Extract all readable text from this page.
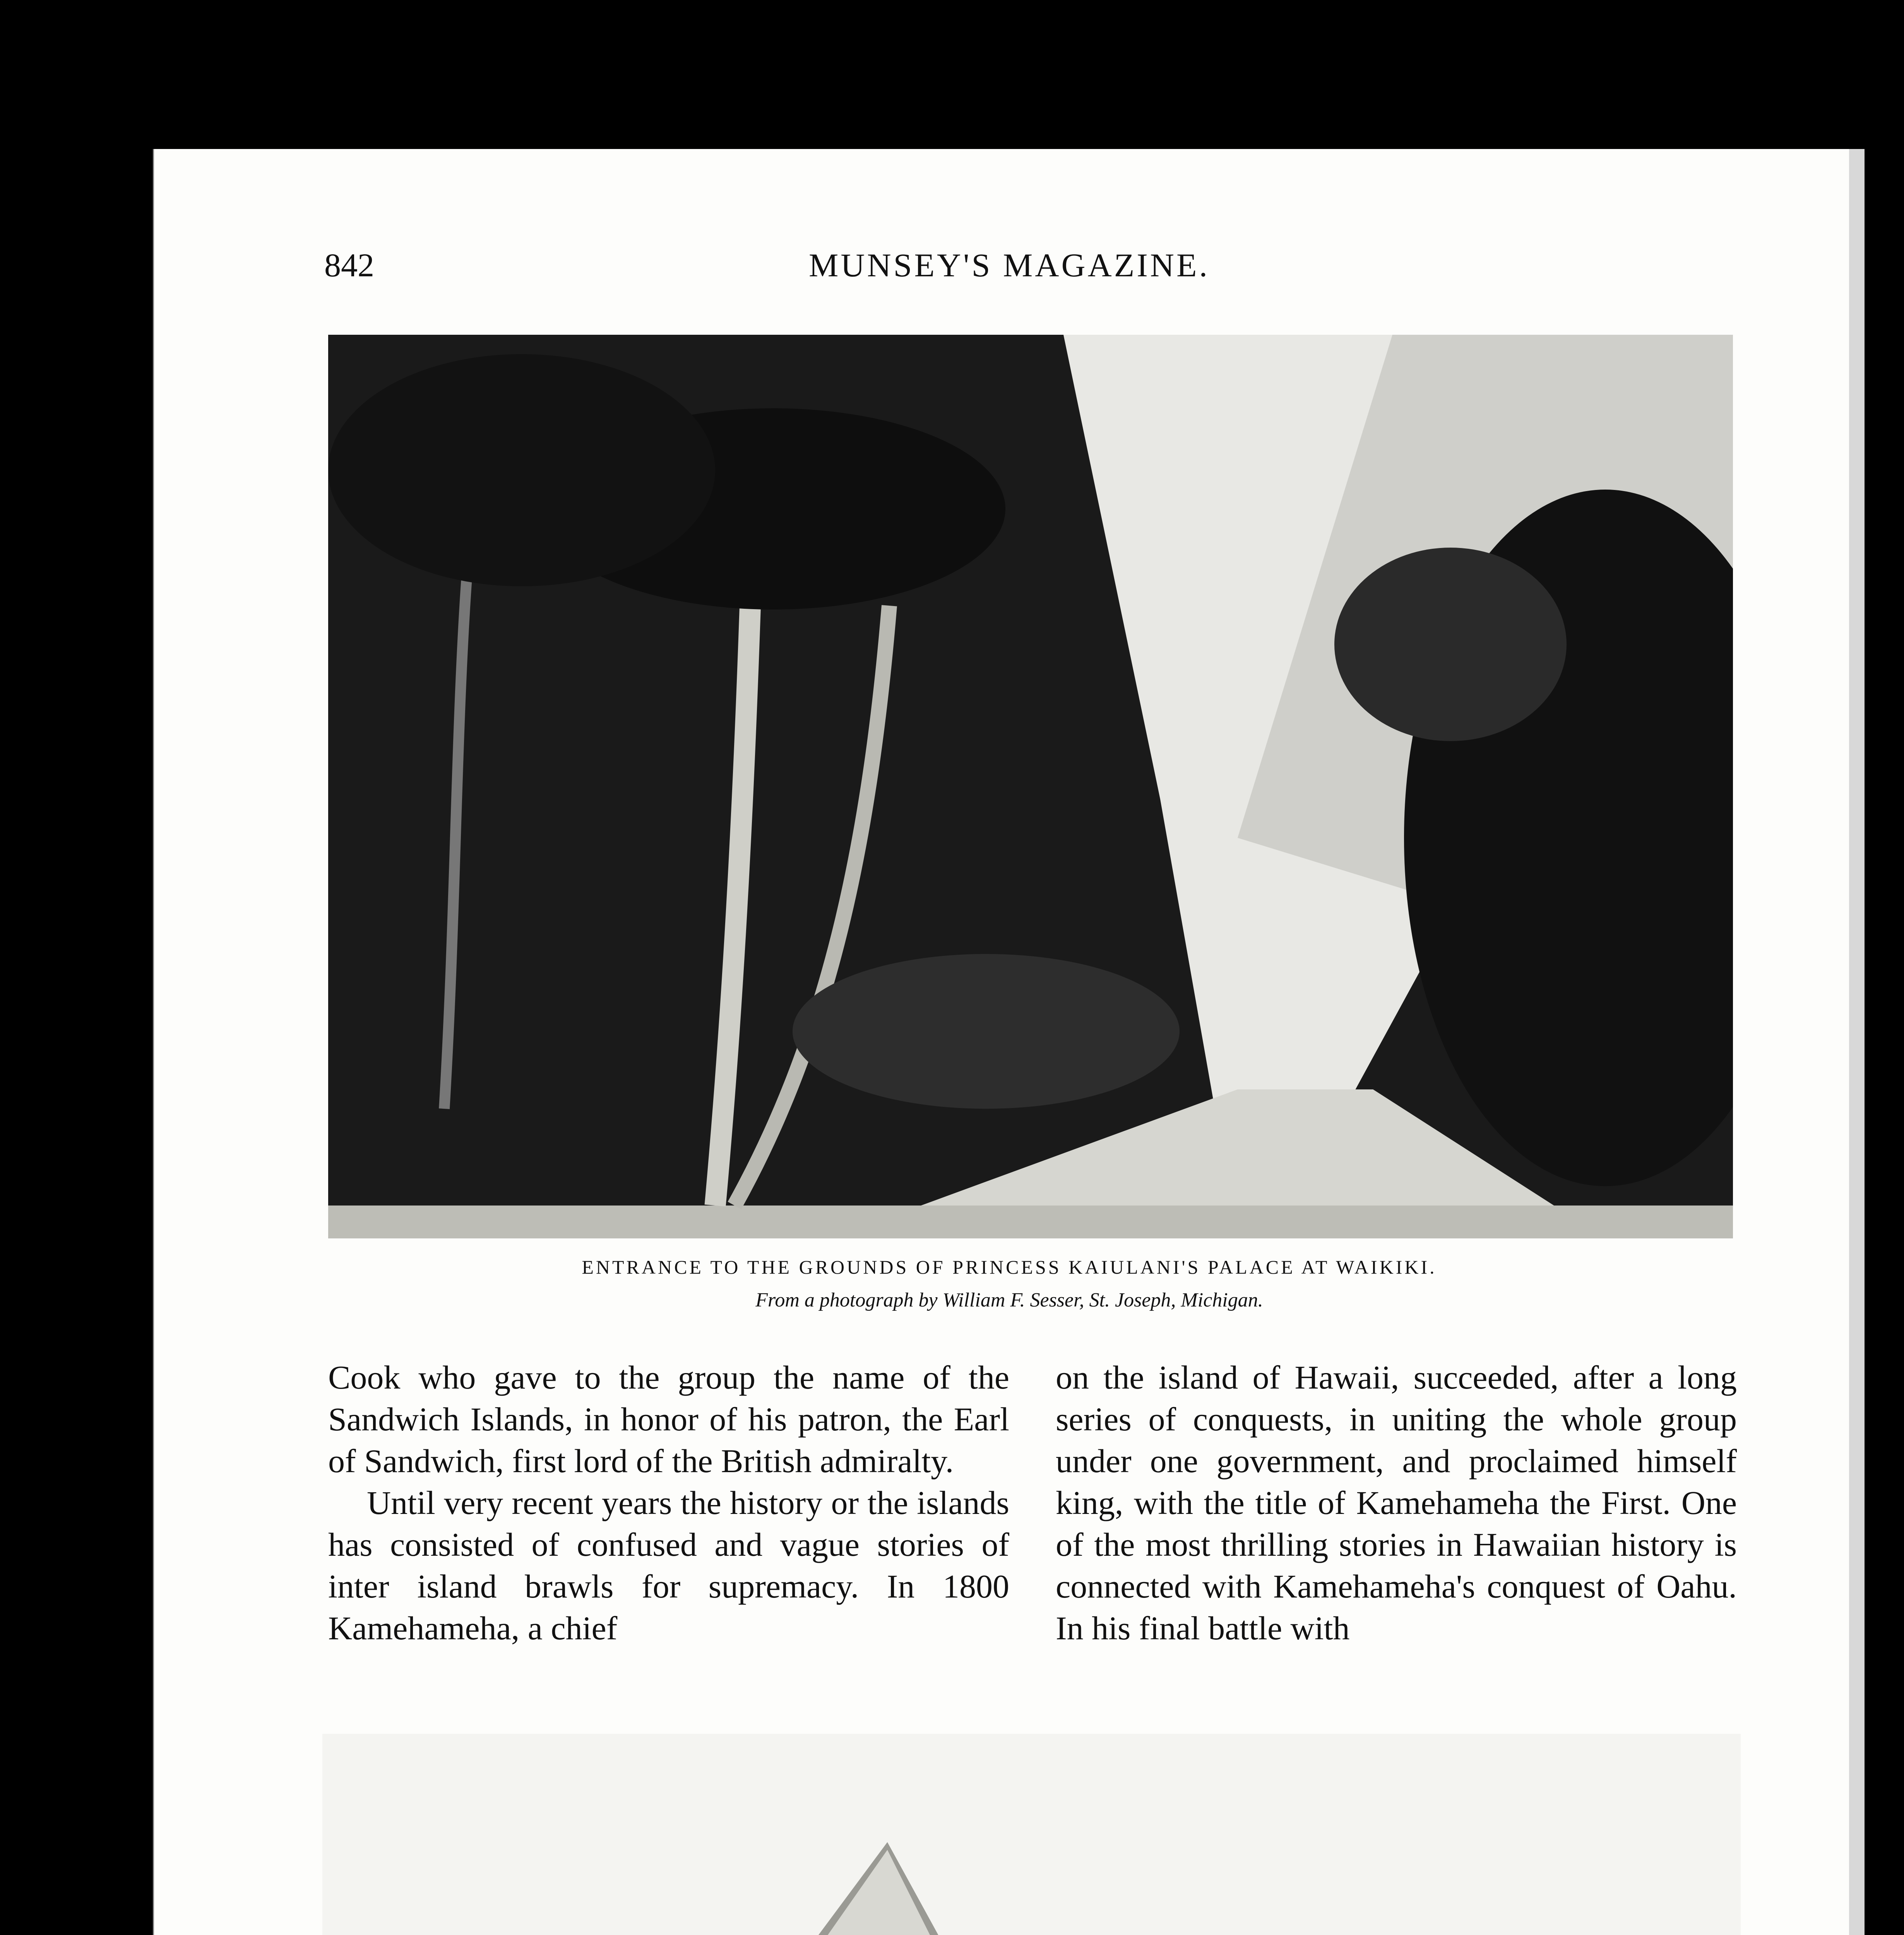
MUNSEY'S MAGAZINE.
842
ENTRANCE TO THE GROUNDS OF PRINCESS KAIULANI'S PALACE AT WAIKIKI.
From a photograph by William F. Sesser, St. Joseph, Michigan.

Cook who gave to the group the name of the Sandwich Islands, in honor of his patron, the Earl of Sandwich, first lord of the British admiralty.

Until very recent years the history or the islands has consisted of confused and vague stories of inter island brawls for supremacy. In 1800 Kamehameha, a chief

on the island of Hawaii, succeeded, after a long series of conquests, in uniting the whole group under one government, and proclaimed himself king, with the title of Kamehameha the First. One of the most thrilling stories in Hawaiian history is connected with Kamehameha's conquest of Oahu. In his final battle with
